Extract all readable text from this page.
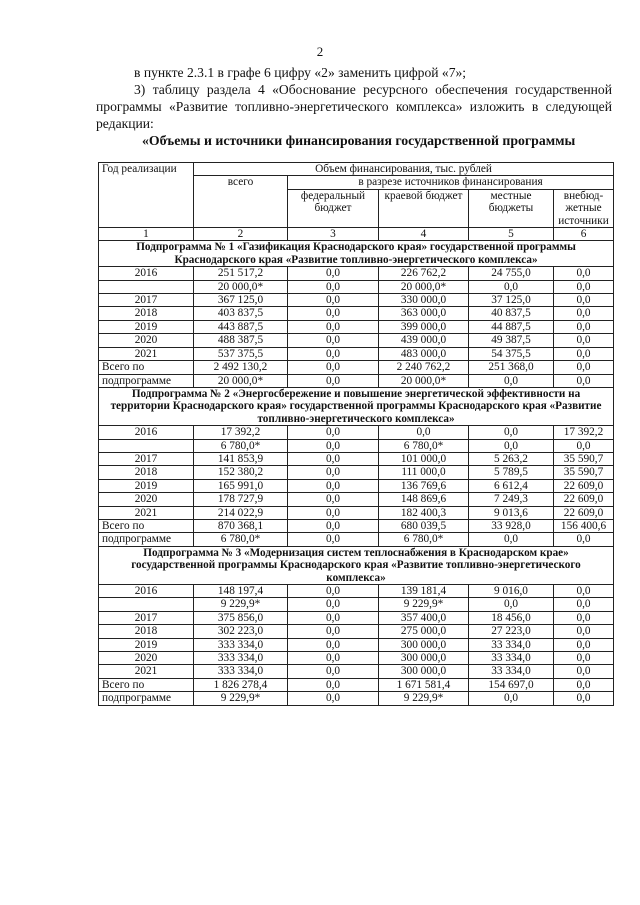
2
в пункте 2.3.1 в графе 6 цифру «2» заменить цифрой «7»;
3) таблицу раздела 4 «Обоснование ресурсного обеспечения государственной программы «Развитие топливно-энергетического комплекса» изложить в следующей редакции:
«Объемы и источники финансирования государственной программы
Год реализации	Объем финансирования, тыс. рублей				
	всего	в разрезе источников финансирования			
		федеральный бюджет	краевой бюджет	местные бюджеты	внебюд-жетные источники
1	2	3	4	5	6
Подпрограмма № 1 «Газификация Краснодарского края» государственной программы Краснодарского края «Развитие топливно-энергетического комплекса»					
2016	251 517,2	0,0	226 762,2	24 755,0	0,0
	20 000,0*	0,0	20 000,0*	0,0	0,0
2017	367 125,0	0,0	330 000,0	37 125,0	0,0
2018	403 837,5	0,0	363 000,0	40 837,5	0,0
2019	443 887,5	0,0	399 000,0	44 887,5	0,0
2020	488 387,5	0,0	439 000,0	49 387,5	0,0
2021	537 375,5	0,0	483 000,0	54 375,5	0,0
Всего по	2 492 130,2	0,0	2 240 762,2	251 368,0	0,0
подпрограмме	20 000,0*	0,0	20 000,0*	0,0	0,0
Подпрограмма № 2 «Энергосбережение и повышение энергетической эффективности на территории Краснодарского края» государственной программы Краснодарского края «Развитие топливно-энергетического комплекса»					
2016	17 392,2	0,0	0,0	0,0	17 392,2
	6 780,0*	0,0	6 780,0*	0,0	0,0
2017	141 853,9	0,0	101 000,0	5 263,2	35 590,7
2018	152 380,2	0,0	111 000,0	5 789,5	35 590,7
2019	165 991,0	0,0	136 769,6	6 612,4	22 609,0
2020	178 727,9	0,0	148 869,6	7 249,3	22 609,0
2021	214 022,9	0,0	182 400,3	9 013,6	22 609,0
Всего по	870 368,1	0,0	680 039,5	33 928,0	156 400,6
подпрограмме	6 780,0*	0,0	6 780,0*	0,0	0,0
Подпрограмма № 3 «Модернизация систем теплоснабжения в Краснодарском крае» государственной программы Краснодарского края «Развитие топливно-энергетического комплекса»					
2016	148 197,4	0,0	139 181,4	9 016,0	0,0
	9 229,9*	0,0	9 229,9*	0,0	0,0
2017	375 856,0	0,0	357 400,0	18 456,0	0,0
2018	302 223,0	0,0	275 000,0	27 223,0	0,0
2019	333 334,0	0,0	300 000,0	33 334,0	0,0
2020	333 334,0	0,0	300 000,0	33 334,0	0,0
2021	333 334,0	0,0	300 000,0	33 334,0	0,0
Всего по	1 826 278,4	0,0	1 671 581,4	154 697,0	0,0
подпрограмме	9 229,9*	0,0	9 229,9*	0,0	0,0
